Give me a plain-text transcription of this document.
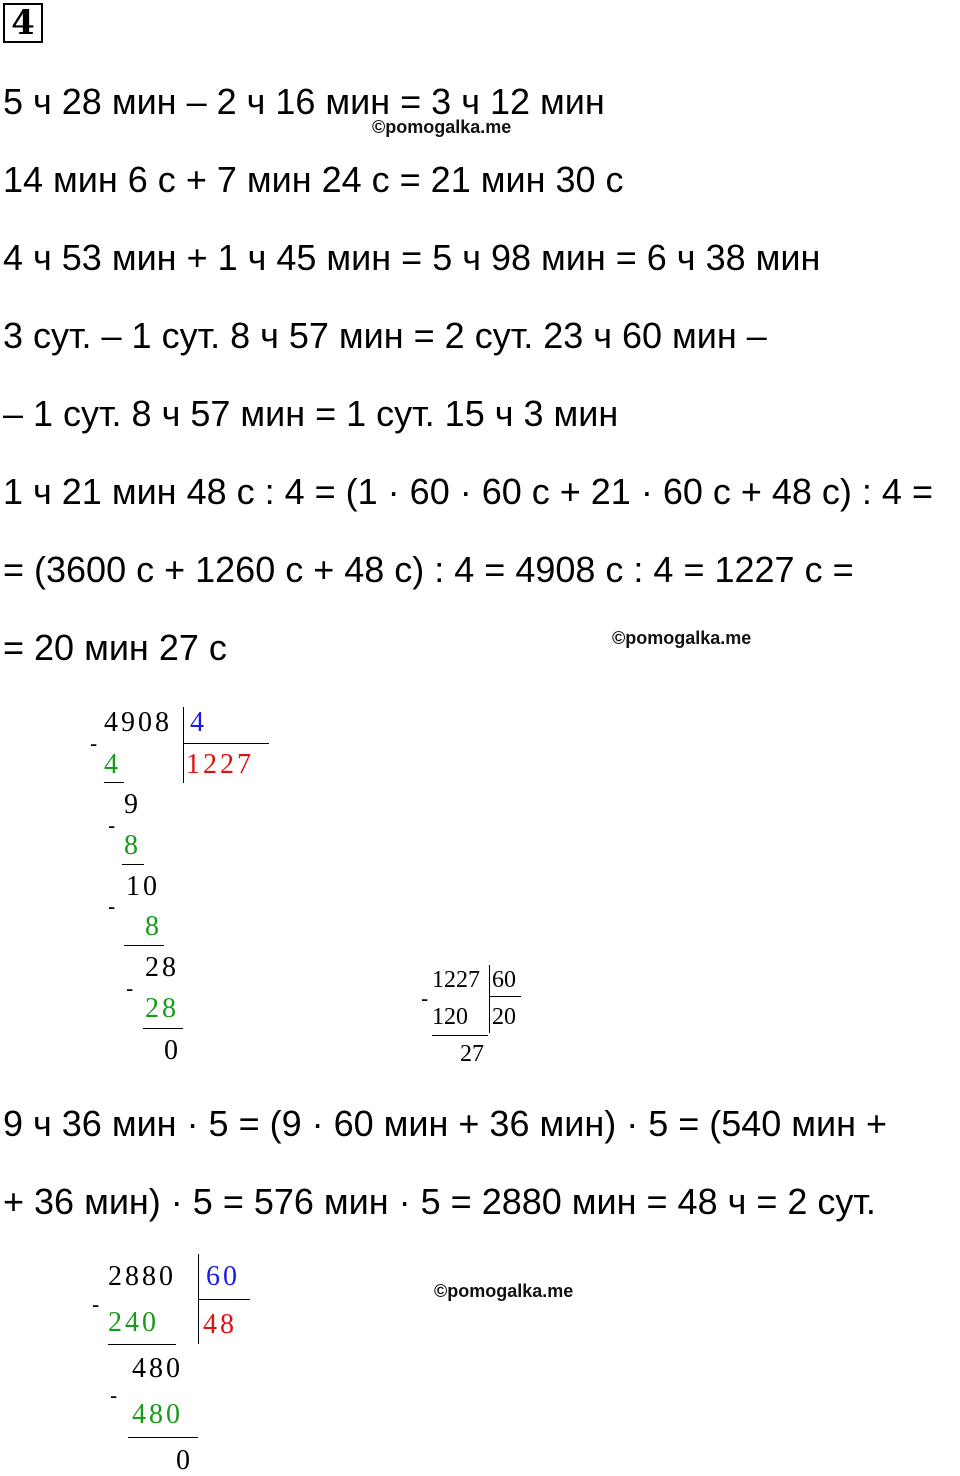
4
5 ч 28 мин – 2 ч 16 мин = 3 ч 12 мин
©pomogalka.me
14 мин 6 с + 7 мин 24 с = 21 мин 30 с
4 ч 53 мин + 1 ч 45 мин = 5 ч 98 мин = 6 ч 38 мин
3 сут. – 1 сут. 8 ч 57 мин = 2 сут. 23 ч 60 мин –
– 1 сут. 8 ч 57 мин = 1 сут. 15 ч 3 мин
1 ч 21 мин 48 с : 4 = (1 · 60 · 60 с + 21 · 60 с + 48 с) : 4 =
= (3600 с + 1260 с + 48 с) : 4 = 4908 с : 4 = 1227 с =
= 20 мин 27 с	©pomogalka.me
-
4908 4
1227
4
-
9
8
-
10
8
-
28
28
0
-
1227 60
20
120
27
9 ч 36 мин · 5 = (9 · 60 мин + 36 мин) · 5 = (540 мин +
+ 36 мин) · 5 = 576 мин · 5 = 2880 мин = 48 ч = 2 сут.
-
2880 60
48
240
-
480
480
0
©pomogalka.me
